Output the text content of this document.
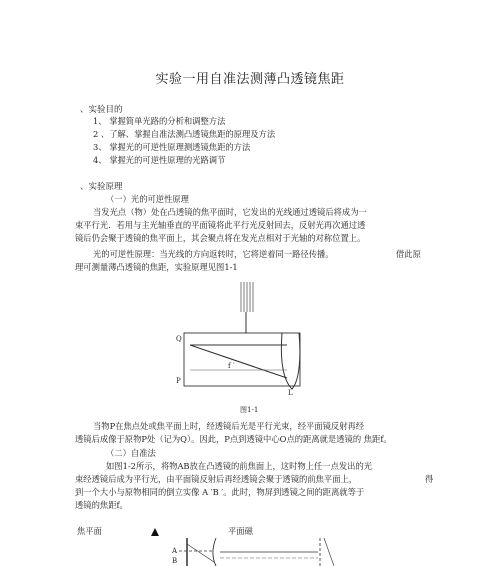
实验一用自准法测薄凸透镜焦距
、实验目的
1、 掌握简单光路的分析和调整方法
2 、了解、掌握自准法测凸透镜焦距的原理及方法
3、 掌握光的可逆性原理测透镜焦距的方法
4、 掌握光的可逆性原理的光路调节
、实验原理
（一）光的可逆性原理
当发光点（物）处在凸透镜的焦平面时，它发出的光线通过透镜后将成为一
束平行光．若用与主光轴垂直的平面镜将此平行光反射回去，反射光再次通过透
镜后仍会聚于透镜的焦平面上，其会聚点将在发光点相对于光轴的对称位置上。
光的可逆性原理：当光线的方向返转时，它将逆着同一路径传播。	借此原
理可测量薄凸透镜的焦距，实验原理见图1-1
Q
P
f ′
L
图1-1
当物P在焦点处或焦平面上时，经透镜后光是平行光束，经平面镜反射再经
透镜后成像于原物P处（记为Q）。因此，P点到透镜中心O点的距离就是透镜的 焦距f。
（二）自准法
如图1-2所示，将物AB放在凸透镜的前焦面上，这时物上任一点发出的光
束经透镜后成为平行光，由平面镜反射后再经透镜会聚于透镜的前焦平面上，	得
到一个大小与原物相同的倒立实像 A ′B ′。此时，物屏到透镜之间的距离就等于
透镜的焦距f。
焦平面	平面磁
A
B
